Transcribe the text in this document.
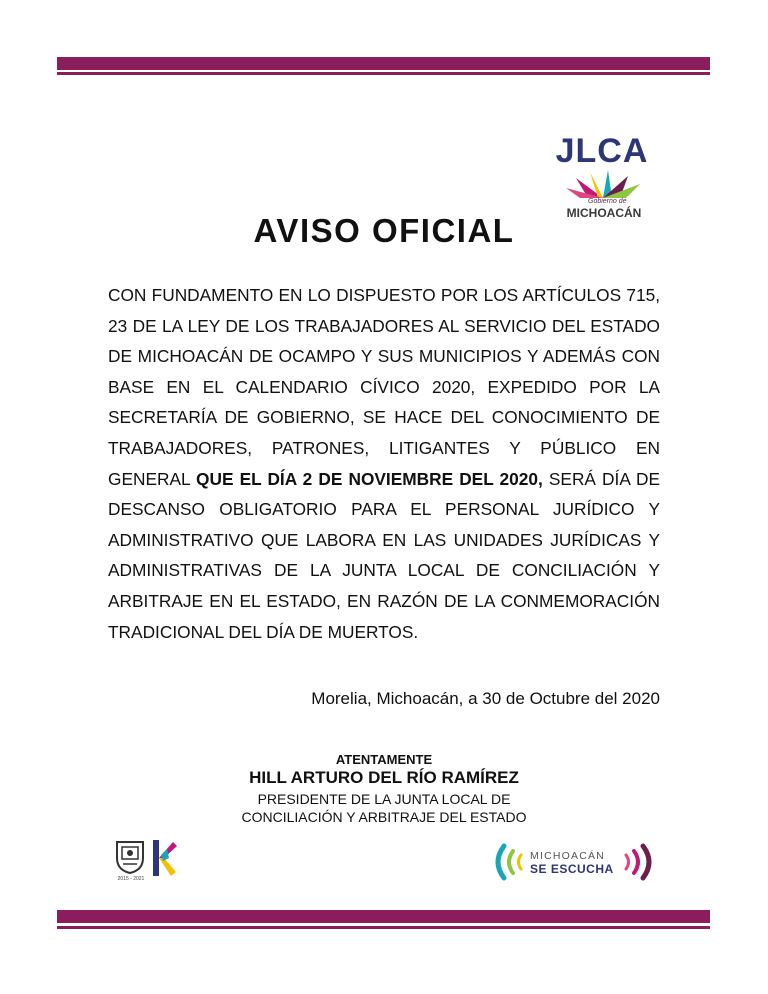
JLCA
Gobierno de
MICHOACÁN
AVISO OFICIAL
CON FUNDAMENTO EN LO DISPUESTO POR LOS ARTÍCULOS 715, 23 DE LA LEY DE LOS TRABAJADORES AL SERVICIO DEL ESTADO DE MICHOACÁN DE OCAMPO Y SUS MUNICIPIOS Y ADEMÁS CON BASE EN EL CALENDARIO CÍVICO 2020, EXPEDIDO POR LA SECRETARÍA DE GOBIERNO, SE HACE DEL CONOCIMIENTO DE TRABAJADORES, PATRONES, LITIGANTES Y PÚBLICO EN GENERAL QUE EL DÍA 2 DE NOVIEMBRE DEL 2020, SERÁ DÍA DE DESCANSO OBLIGATORIO PARA EL PERSONAL JURÍDICO Y ADMINISTRATIVO QUE LABORA EN LAS UNIDADES JURÍDICAS Y ADMINISTRATIVAS DE LA JUNTA LOCAL DE CONCILIACIÓN Y ARBITRAJE EN EL ESTADO, EN RAZÓN DE LA CONMEMORACIÓN TRADICIONAL DEL DÍA DE MUERTOS.
Morelia, Michoacán, a 30 de Octubre del 2020
ATENTAMENTE
HILL ARTURO DEL RÍO RAMÍREZ
PRESIDENTE DE LA JUNTA LOCAL DE
CONCILIACIÓN Y ARBITRAJE DEL ESTADO
2015 - 2021
MICHOACÁN
SE ESCUCHA
